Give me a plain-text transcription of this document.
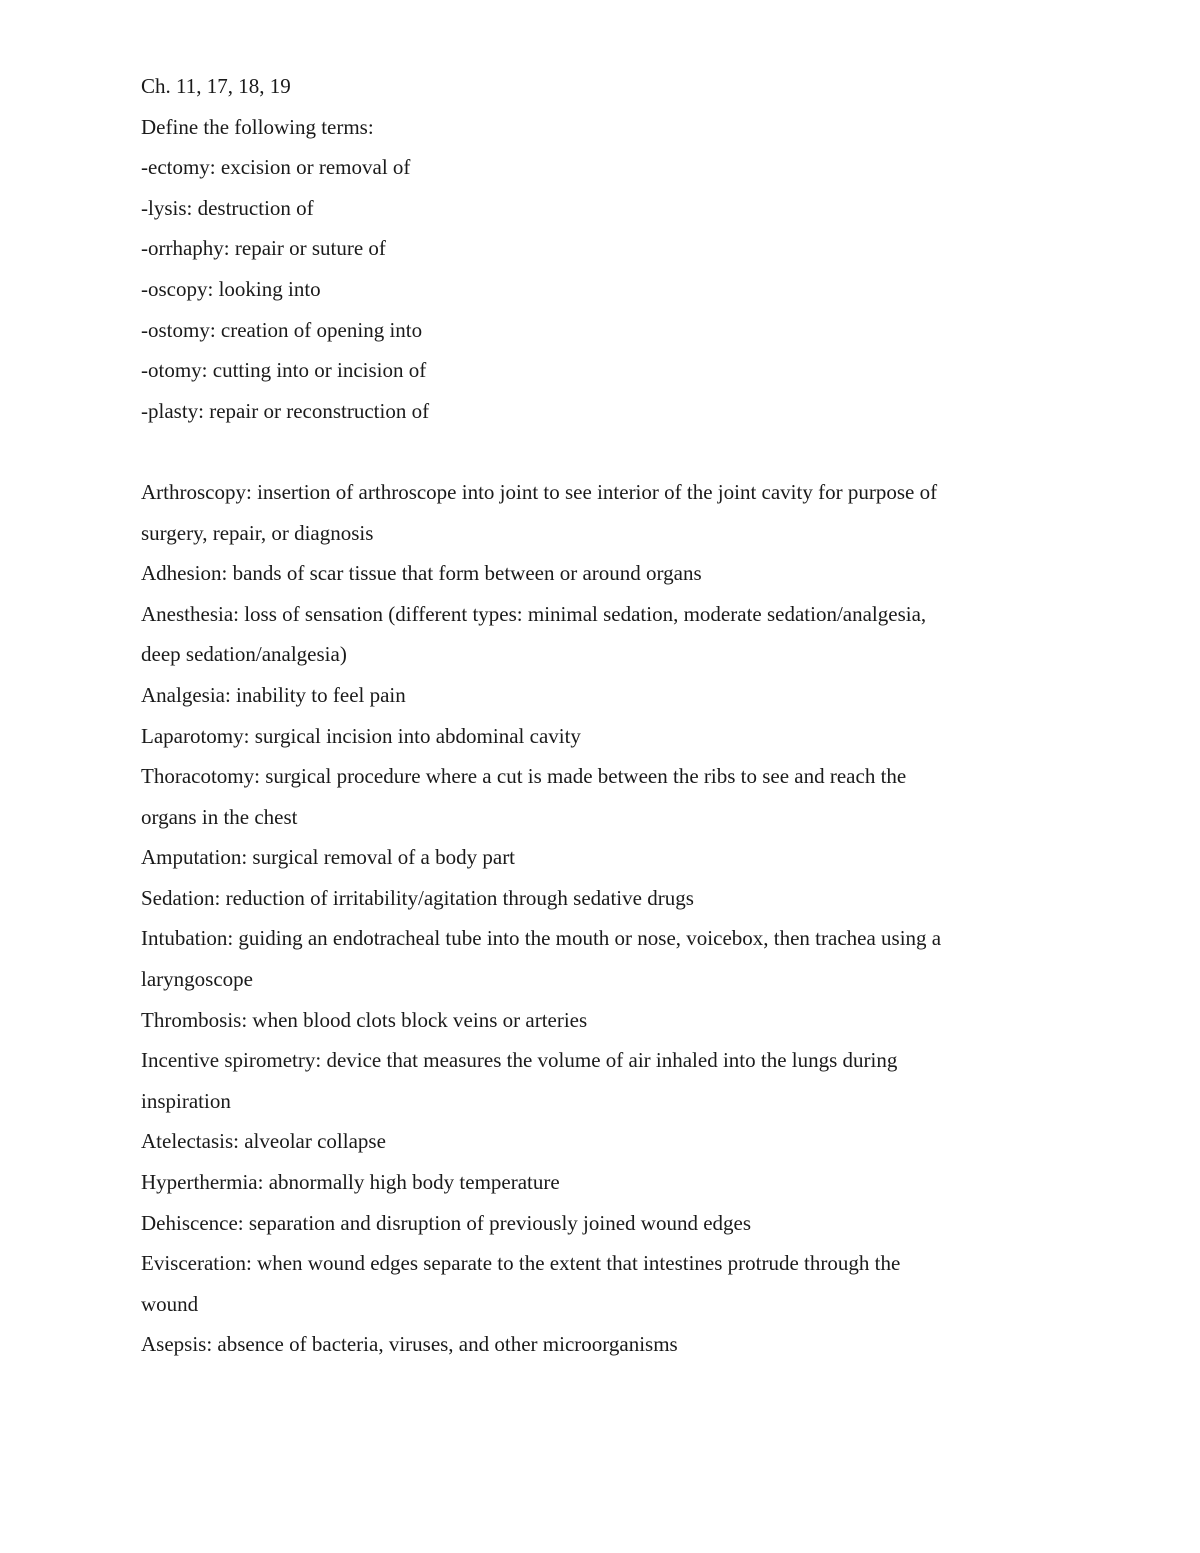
Ch. 11, 17, 18, 19
Define the following terms:
-ectomy: excision or removal of
-lysis: destruction of
-orrhaphy: repair or suture of
-oscopy: looking into
-ostomy: creation of opening into
-otomy: cutting into or incision of
-plasty: repair or reconstruction of
Arthroscopy: insertion of arthroscope into joint to see interior of the joint cavity for purpose of
surgery, repair, or diagnosis
Adhesion: bands of scar tissue that form between or around organs
Anesthesia: loss of sensation (different types: minimal sedation, moderate sedation/analgesia,
deep sedation/analgesia)
Analgesia: inability to feel pain
Laparotomy: surgical incision into abdominal cavity
Thoracotomy: surgical procedure where a cut is made between the ribs to see and reach the
organs in the chest
Amputation: surgical removal of a body part
Sedation: reduction of irritability/agitation through sedative drugs
Intubation: guiding an endotracheal tube into the mouth or nose, voicebox, then trachea using a
laryngoscope
Thrombosis: when blood clots block veins or arteries
Incentive spirometry: device that measures the volume of air inhaled into the lungs during
inspiration
Atelectasis: alveolar collapse
Hyperthermia: abnormally high body temperature
Dehiscence: separation and disruption of previously joined wound edges
Evisceration: when wound edges separate to the extent that intestines protrude through the
wound
Asepsis: absence of bacteria, viruses, and other microorganisms
